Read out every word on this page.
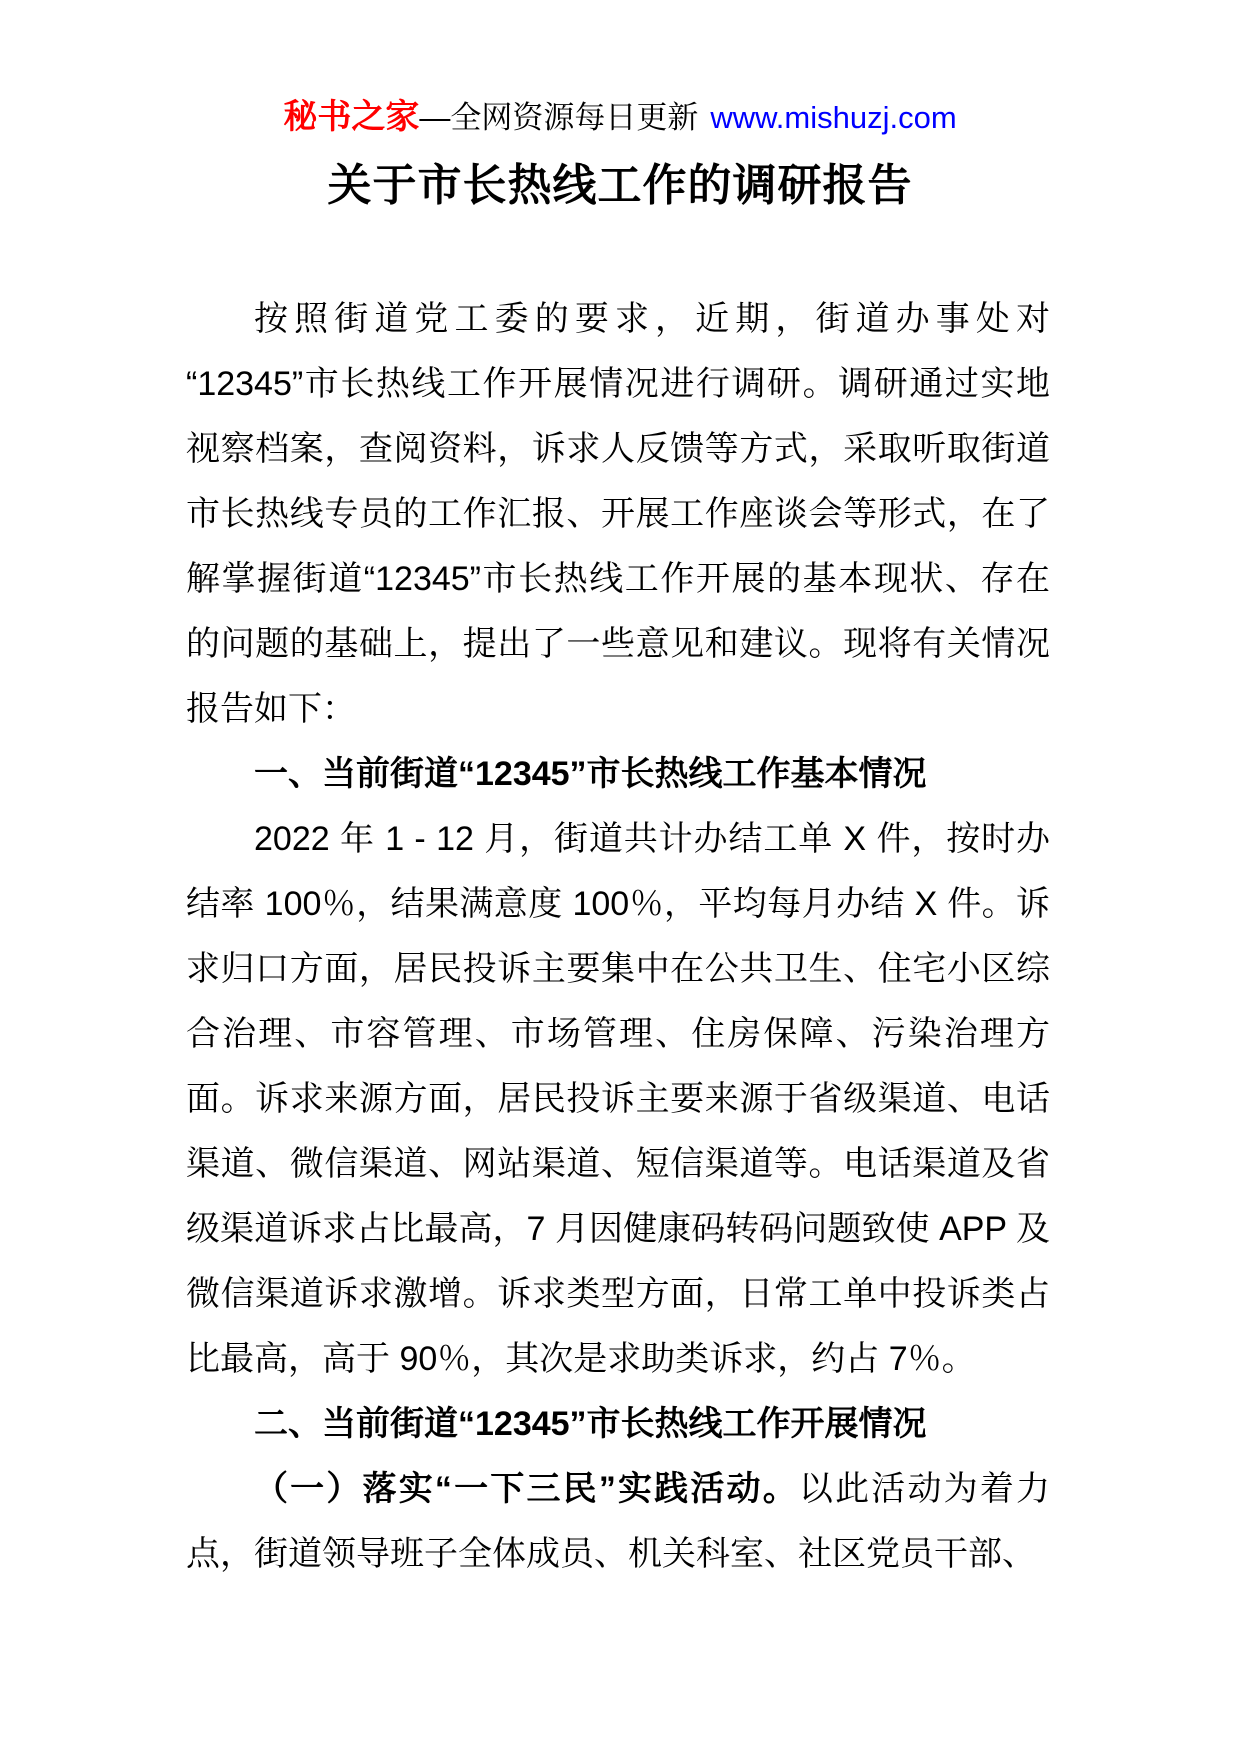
秘书之家—全网资源每日更新 www.mishuzj.com
关于市长热线工作的调研报告

按照街道党工委的要求，近期，街道办事处对“12345”市长热线工作开展情况进行调研。调研通过实地视察档案，查阅资料，诉求人反馈等方式，采取听取街道市长热线专员的工作汇报、开展工作座谈会等形式，在了解掌握街道“12345”市长热线工作开展的基本现状、存在的问题的基础上，提出了一些意见和建议。现将有关情况报告如下：

一、当前街道“12345”市长热线工作基本情况

2022 年 1 - 12 月，街道共计办结工单 X 件，按时办结率 100％，结果满意度 100％，平均每月办结 X 件。诉求归口方面，居民投诉主要集中在公共卫生、住宅小区综合治理、市容管理、市场管理、住房保障、污染治理方面。诉求来源方面，居民投诉主要来源于省级渠道、电话渠道、微信渠道、网站渠道、短信渠道等。电话渠道及省级渠道诉求占比最高，7 月因健康码转码问题致使 APP 及微信渠道诉求激增。诉求类型方面，日常工单中投诉类占比最高，高于 90％，其次是求助类诉求，约占 7％。

二、当前街道“12345”市长热线工作开展情况

（一）落实“一下三民”实践活动。以此活动为着力点，街道领导班子全体成员、机关科室、社区党员干部、
